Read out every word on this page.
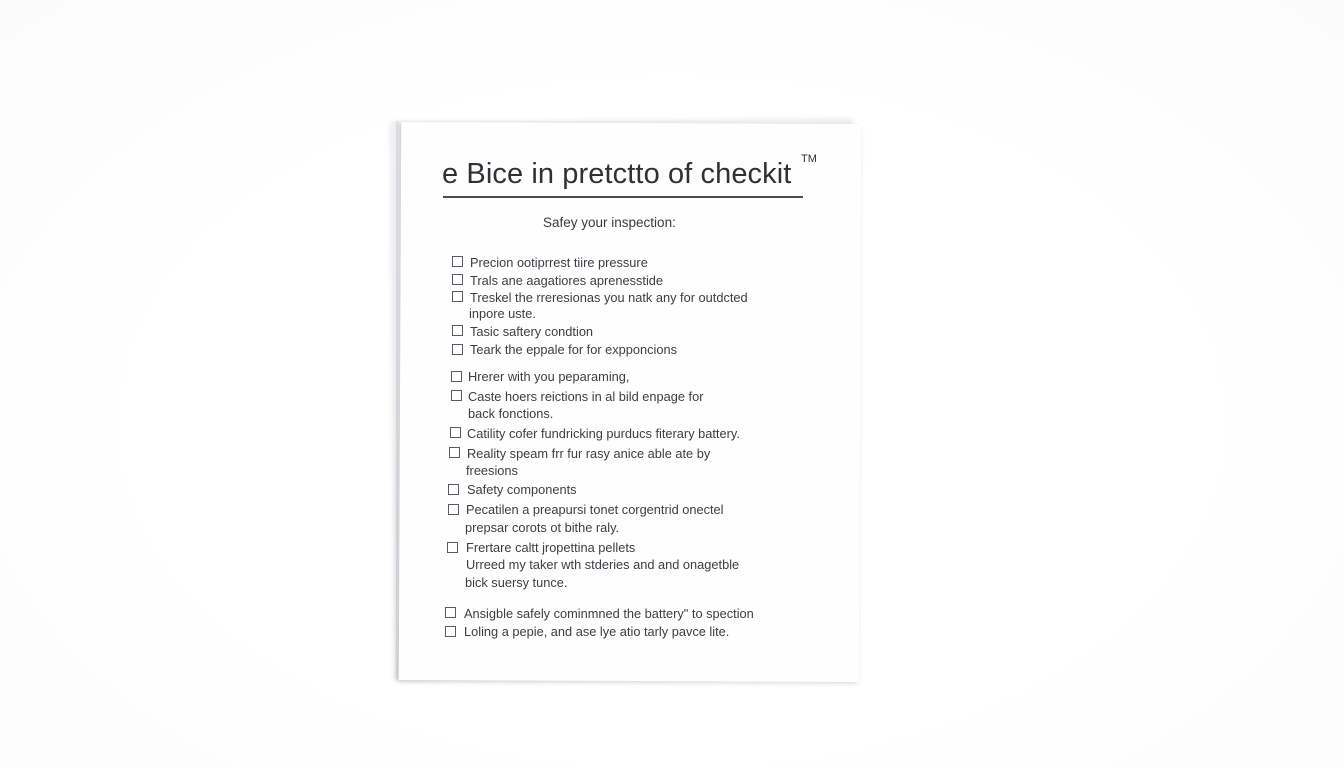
e Bice in pretctto of checkit TM
Safey your inspection:
Precion ootiprrest tiire pressure
Trals ane aagatiores aprenesstide
Treskel the rreresionas you natk any for outdcted
inpore uste.
Tasic saftery condtion
Teark the eppale for for expponcions
Hrerer with you peparaming,
Caste hoers reictions in al bild enpage for
back fonctions.
Catility cofer fundricking purducs fiterary battery.
Reality speam frr fur rasy anice able ate by
freesions
Safety components
Pecatilen a preapursi tonet corgentrid onectel
prepsar corots ot bithe raly.
Frertare caltt jropettina pellets
Urreed my taker wth stderies and and onagetble
bick suersy tunce.
Ansigble safely cominmned the battery" to spection
Loling a pepie, and ase lye atio tarly pavce lite.
